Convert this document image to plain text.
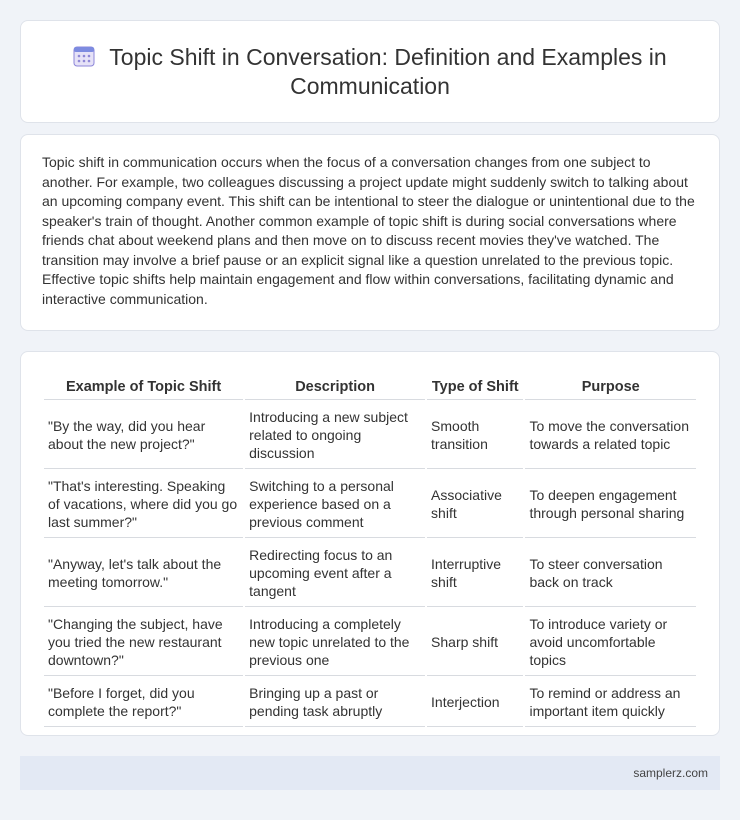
Topic Shift in Conversation: Definition and Examples in Communication

Topic shift in communication occurs when the focus of a conversation changes from one subject to another. For example, two colleagues discussing a project update might suddenly switch to talking about an upcoming company event. This shift can be intentional to steer the dialogue or unintentional due to the speaker's train of thought. Another common example of topic shift is during social conversations where friends chat about weekend plans and then move on to discuss recent movies they've watched. The transition may involve a brief pause or an explicit signal like a question unrelated to the previous topic. Effective topic shifts help maintain engagement and flow within conversations, facilitating dynamic and interactive communication.

Example of Topic Shift	Description	Type of Shift	Purpose
"By the way, did you hear about the new project?"	Introducing a new subject related to ongoing discussion	Smooth transition	To move the conversation towards a related topic
"That's interesting. Speaking of vacations, where did you go last summer?"	Switching to a personal experience based on a previous comment	Associative shift	To deepen engagement through personal sharing
"Anyway, let's talk about the meeting tomorrow."	Redirecting focus to an upcoming event after a tangent	Interruptive shift	To steer conversation back on track
"Changing the subject, have you tried the new restaurant downtown?"	Introducing a completely new topic unrelated to the previous one	Sharp shift	To introduce variety or avoid uncomfortable topics
"Before I forget, did you complete the report?"	Bringing up a past or pending task abruptly	Interjection	To remind or address an important item quickly
samplerz.com
